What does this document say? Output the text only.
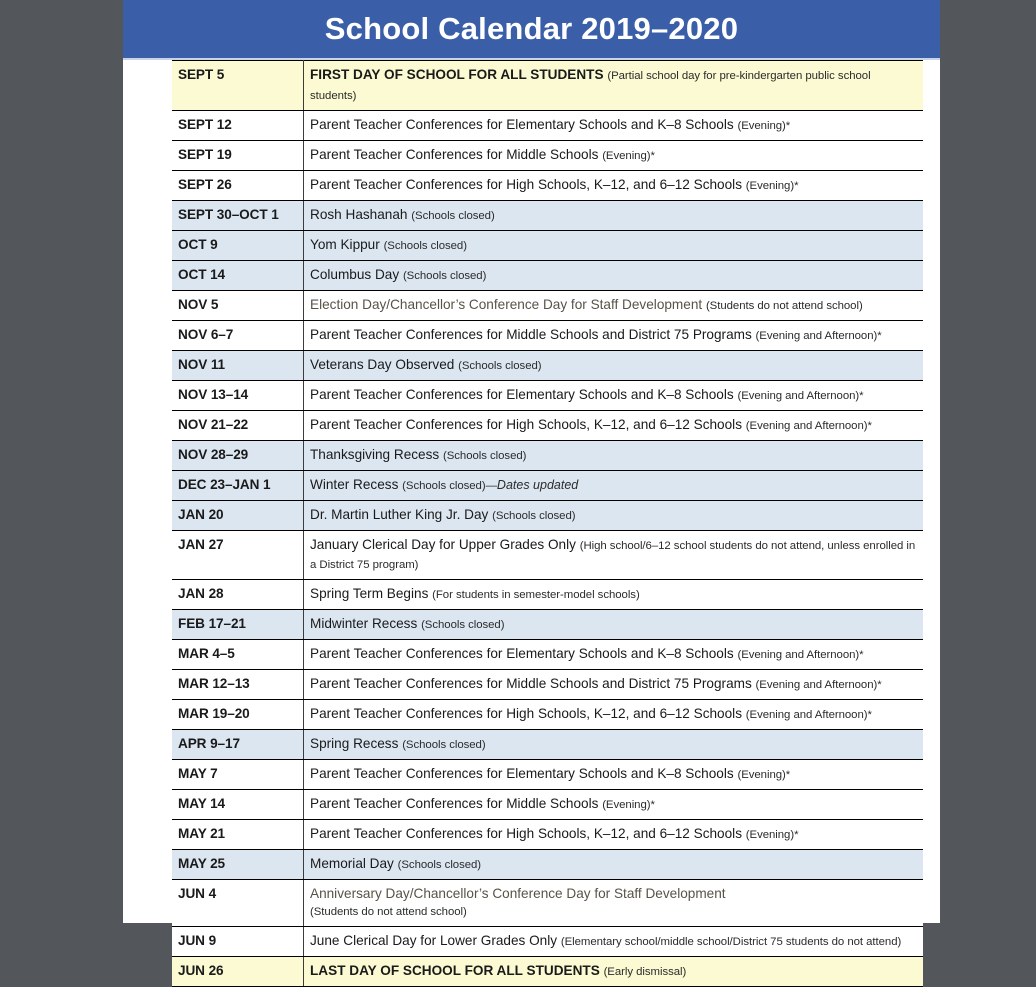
School Calendar 2019–2020
SEPT 5	FIRST DAY OF SCHOOL FOR ALL STUDENTS (Partial school day for pre-kindergarten public school students)
SEPT 12	Parent Teacher Conferences for Elementary Schools and K–8 Schools (Evening)*
SEPT 19	Parent Teacher Conferences for Middle Schools (Evening)*
SEPT 26	Parent Teacher Conferences for High Schools, K–12, and 6–12 Schools (Evening)*
SEPT 30–OCT 1	Rosh Hashanah (Schools closed)
OCT 9	Yom Kippur (Schools closed)
OCT 14	Columbus Day (Schools closed)
NOV 5	Election Day/Chancellor’s Conference Day for Staff Development (Students do not attend school)
NOV 6–7	Parent Teacher Conferences for Middle Schools and District 75 Programs (Evening and Afternoon)*
NOV 11	Veterans Day Observed (Schools closed)
NOV 13–14	Parent Teacher Conferences for Elementary Schools and K–8 Schools (Evening and Afternoon)*
NOV 21–22	Parent Teacher Conferences for High Schools, K–12, and 6–12 Schools (Evening and Afternoon)*
NOV 28–29	Thanksgiving Recess (Schools closed)
DEC 23–JAN 1	Winter Recess (Schools closed)—Dates updated
JAN 20	Dr. Martin Luther King Jr. Day (Schools closed)
JAN 27	January Clerical Day for Upper Grades Only (High school/6–12 school students do not attend, unless enrolled in a District 75 program)
JAN 28	Spring Term Begins (For students in semester-model schools)
FEB 17–21	Midwinter Recess (Schools closed)
MAR 4–5	Parent Teacher Conferences for Elementary Schools and K–8 Schools (Evening and Afternoon)*
MAR 12–13	Parent Teacher Conferences for Middle Schools and District 75 Programs (Evening and Afternoon)*
MAR 19–20	Parent Teacher Conferences for High Schools, K–12, and 6–12 Schools (Evening and Afternoon)*
APR 9–17	Spring Recess (Schools closed)
MAY 7	Parent Teacher Conferences for Elementary Schools and K–8 Schools (Evening)*
MAY 14	Parent Teacher Conferences for Middle Schools (Evening)*
MAY 21	Parent Teacher Conferences for High Schools, K–12, and 6–12 Schools (Evening)*
MAY 25	Memorial Day (Schools closed)
JUN 4	Anniversary Day/Chancellor’s Conference Day for Staff Development
(Students do not attend school)

JUN 9	June Clerical Day for Lower Grades Only (Elementary school/middle school/District 75 students do not attend)
JUN 26	LAST DAY OF SCHOOL FOR ALL STUDENTS (Early dismissal)
